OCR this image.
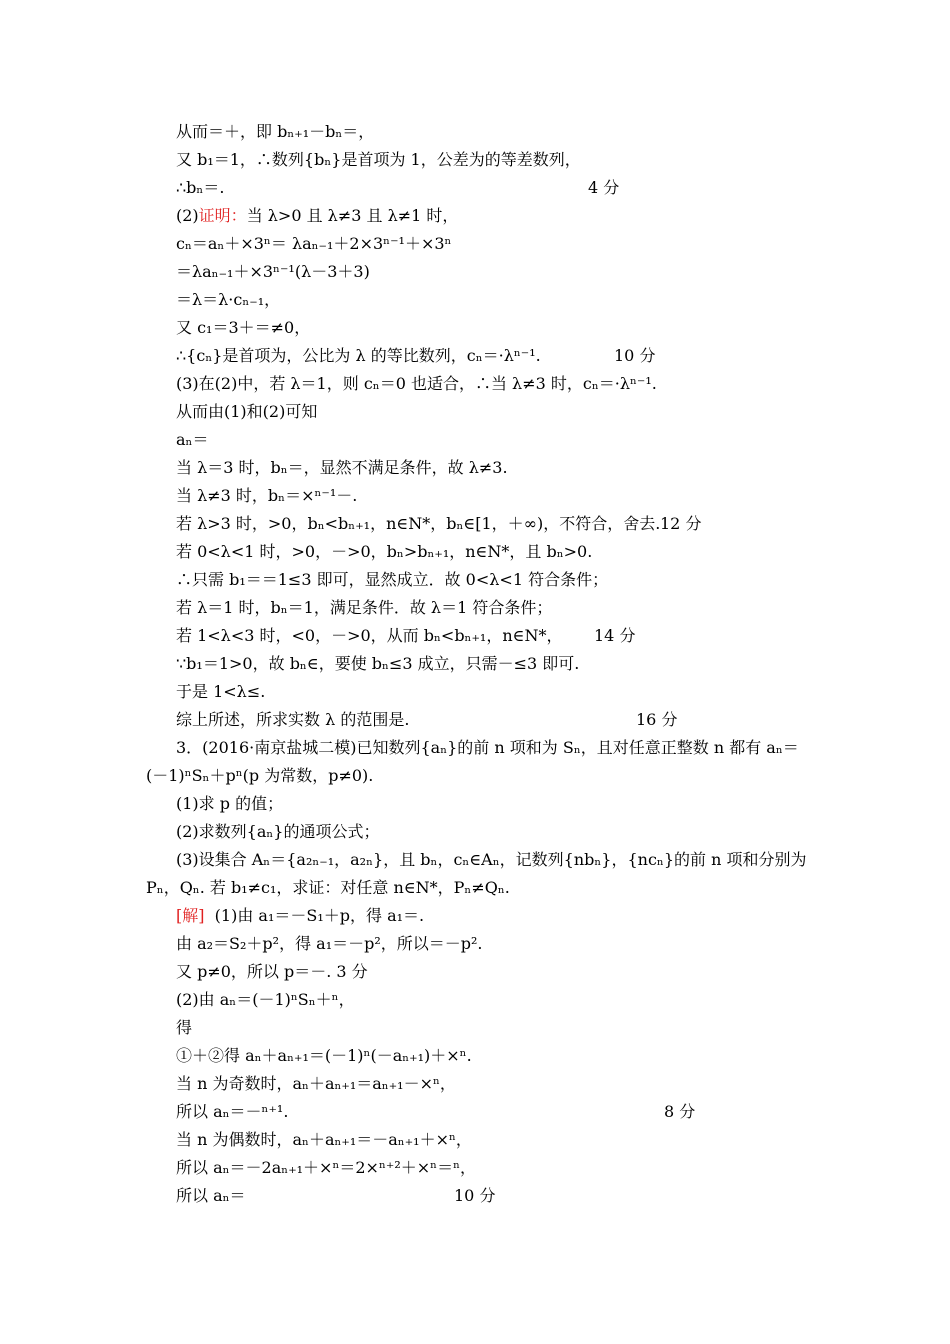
从而＝＋，即 bₙ₊₁－bₙ＝，
又 b₁＝1，∴数列{bₙ}是首项为 1，公差为的等差数列，
∴bₙ＝.	4 分
(2)证明：当 λ>0 且 λ≠3 且 λ≠1 时，
cₙ＝aₙ＋×3ⁿ＝ λaₙ₋₁＋2×3ⁿ⁻¹＋×3ⁿ
＝λaₙ₋₁＋×3ⁿ⁻¹(λ－3＋3)
＝λ＝λ·cₙ₋₁，
又 c₁＝3＋＝≠0，
∴{cₙ}是首项为，公比为 λ 的等比数列，cₙ＝·λⁿ⁻¹.	10 分
(3)在(2)中，若 λ＝1，则 cₙ＝0 也适合，∴当 λ≠3 时，cₙ＝·λⁿ⁻¹.
从而由(1)和(2)可知
aₙ＝
当 λ＝3 时，bₙ＝，显然不满足条件，故 λ≠3.
当 λ≠3 时，bₙ＝×ⁿ⁻¹－.
若 λ>3 时，>0，bₙ<bₙ₊₁，n∈N*，bₙ∈[1，＋∞)，不符合，舍去. 12 分
若 0<λ<1 时，>0，－>0，bₙ>bₙ₊₁，n∈N*，且 bₙ>0.
∴只需 b₁＝＝1≤3 即可，显然成立．故 0<λ<1 符合条件；
若 λ＝1 时，bₙ＝1，满足条件．故 λ＝1 符合条件；
若 1<λ<3 时，<0，－>0，从而 bₙ<bₙ₊₁，n∈N*， 14 分
∵b₁＝1>0，故 bₙ∈，要使 bₙ≤3 成立，只需－≤3 即可.
于是 1<λ≤.
综上所述，所求实数 λ 的范围是.	16 分
3．(2016·南京盐城二模)已知数列{aₙ}的前 n 项和为 Sₙ，且对任意正整数 n 都有 aₙ＝
(－1)ⁿSₙ＋pⁿ(p 为常数，p≠0).
(1)求 p 的值；
(2)求数列{aₙ}的通项公式；
(3)设集合 Aₙ＝{a₂ₙ₋₁，a₂ₙ}，且 bₙ，cₙ∈Aₙ，记数列{nbₙ}，{ncₙ}的前 n 项和分别为
Pₙ，Qₙ. 若 b₁≠c₁，求证：对任意 n∈N*，Pₙ≠Qₙ.
[解]  (1)由 a₁＝－S₁＋p，得 a₁＝.
由 a₂＝S₂＋p²，得 a₁＝－p²，所以＝－p².
又 p≠0，所以 p＝－. 3 分
(2)由 aₙ＝(－1)ⁿSₙ＋ⁿ，
得
①＋②得 aₙ＋aₙ₊₁＝(－1)ⁿ(－aₙ₊₁)＋×ⁿ.
当 n 为奇数时，aₙ＋aₙ₊₁＝aₙ₊₁－×ⁿ，
所以 aₙ＝－ⁿ⁺¹.	8 分
当 n 为偶数时，aₙ＋aₙ₊₁＝－aₙ₊₁＋×ⁿ，
所以 aₙ＝－2aₙ₊₁＋×ⁿ＝2×ⁿ⁺²＋×ⁿ＝ⁿ，
所以 aₙ＝	10 分
